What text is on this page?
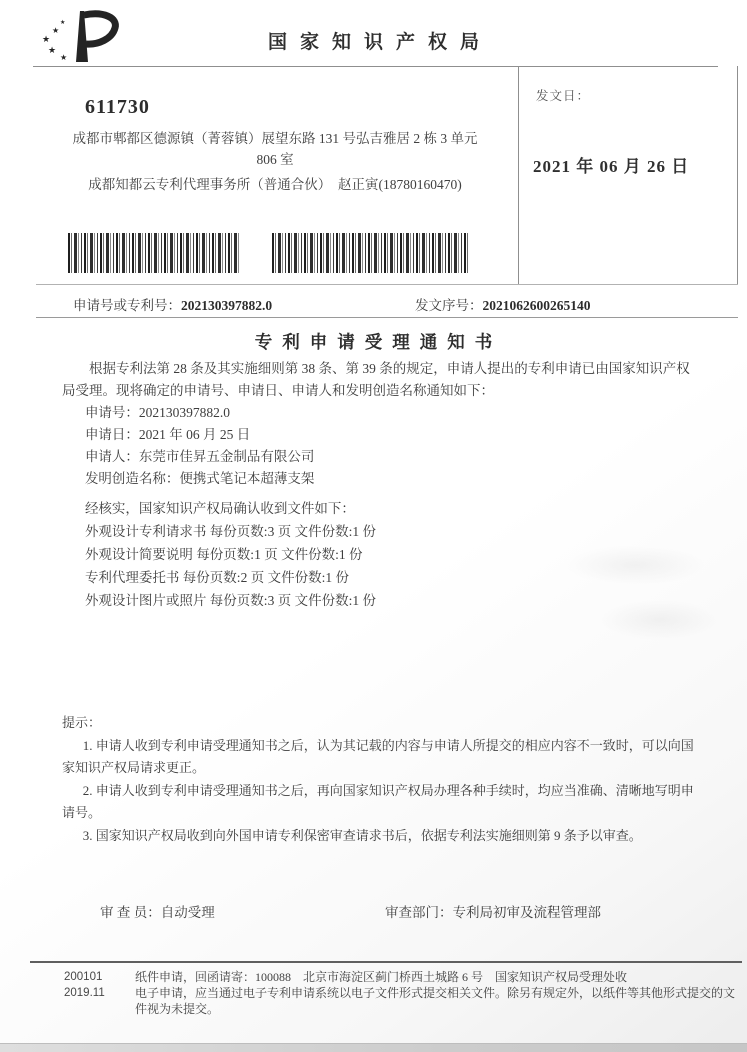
★
★
★
★
★
国家知识产权局
发文日：
2021 年 06 月 26 日
611730
成都市郫都区德源镇（菁蓉镇）展望东路 131 号弘吉雅居 2 栋 3 单元
806 室
成都知都云专利代理事务所（普通合伙）　赵正寅(18780160470)
申请号或专利号：202130397882.0	发文序号：2021062600265140
专利申请受理通知书

根据专利法第 28 条及其实施细则第 38 条、第 39 条的规定，申请人提出的专利申请已由国家知识产权局受理。现将确定的申请号、申请日、申请人和发明创造名称通知如下：

申请号：202130397882.0

申请日：2021 年 06 月 25 日

申请人：东莞市佳昇五金制品有限公司

发明创造名称：便携式笔记本超薄支架

经核实，国家知识产权局确认收到文件如下：

外观设计专利请求书 每份页数:3 页 文件份数:1 份

外观设计简要说明 每份页数:1 页 文件份数:1 份

专利代理委托书 每份页数:2 页 文件份数:1 份

外观设计图片或照片 每份页数:3 页 文件份数:1 份

提示：

1. 申请人收到专利申请受理通知书之后，认为其记载的内容与申请人所提交的相应内容不一致时，可以向国家知识产权局请求更正。

2. 申请人收到专利申请受理通知书之后，再向国家知识产权局办理各种手续时，均应当准确、清晰地写明申请号。

3. 国家知识产权局收到向外国申请专利保密审查请求书后，依据专利法实施细则第 9 条予以审查。

审 查 员：自动受理	审查部门：专利局初审及流程管理部
200101
2019.11
纸件申请，回函请寄：100088　北京市海淀区蓟门桥西土城路 6 号　国家知识产权局受理处收
电子申请，应当通过电子专利申请系统以电子文件形式提交相关文件。除另有规定外，以纸件等其他形式提交的文件视为未提交。
